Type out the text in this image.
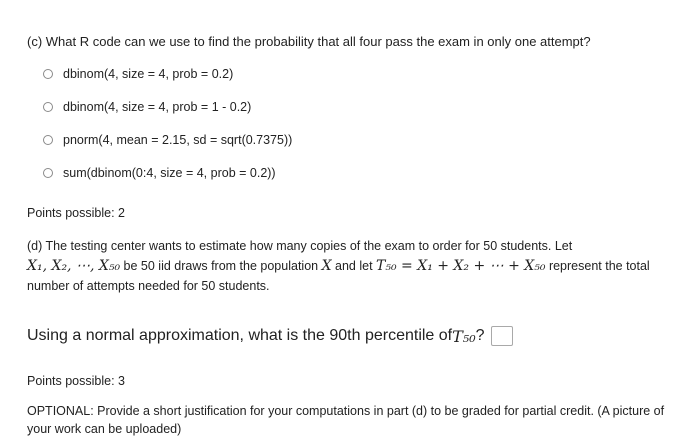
(c) What R code can we use to find the probability that all four pass the exam in only one attempt?
dbinom(4, size = 4, prob = 0.2)
dbinom(4, size = 4, prob = 1 - 0.2)
pnorm(4, mean = 2.15, sd = sqrt(0.7375))
sum(dbinom(0:4, size = 4, prob = 0.2))
Points possible: 2
(d) The testing center wants to estimate how many copies of the exam to order for 50 students. Let
X₁, X₂, ⋯, X₅₀ be 50 iid draws from the population X and let T₅₀ = X₁ + X₂ + ⋯ + X₅₀ represent the total
number of attempts needed for 50 students.
Using a normal approximation, what is the 90th percentile of T₅₀ ?
Points possible: 3
OPTIONAL: Provide a short justification for your computations in part (d) to be graded for partial credit. (A picture of your work can be uploaded)
